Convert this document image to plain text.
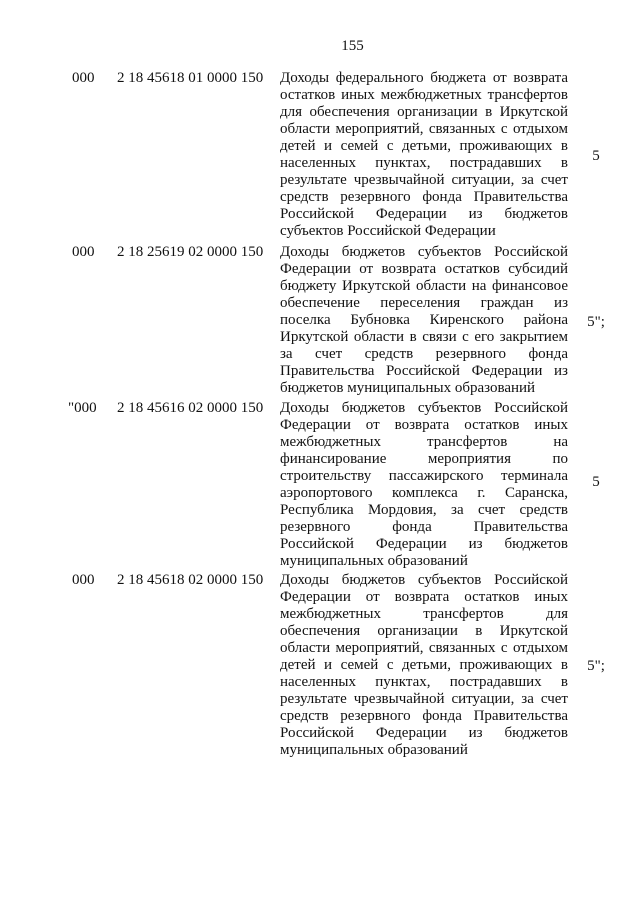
155
000 2 18 45618 01 0000 150 Доходы федерального бюджета от возврата остатков иных межбюджетных трансфертов для обеспечения организации в Иркутской области мероприятий, связанных с отдыхом детей и семей с детьми, проживающих в населенных пунктах, пострадавших в результате чрезвычайной ситуации, за счет средств резервного фонда Правительства Российской Федерации из бюджетов субъектов Российской Федерации
5
000 2 18 25619 02 0000 150 Доходы бюджетов субъектов Российской Федерации от возврата остатков субсидий бюджету Иркутской области на финансовое обеспечение переселения граждан из поселка Бубновка Киренского района Иркутской области в связи с его закрытием за счет средств резервного фонда Правительства Российской Федерации из бюджетов муниципальных образований
5";
"000 2 18 45616 02 0000 150 Доходы бюджетов субъектов Российской Федерации от возврата остатков иных межбюджетных трансфертов на финансирование мероприятия по строительству пассажирского терминала аэропортового комплекса г. Саранска, Республика Мордовия, за счет средств резервного фонда Правительства Российской Федерации из бюджетов муниципальных образований
5
000 2 18 45618 02 0000 150 Доходы бюджетов субъектов Российской Федерации от возврата остатков иных межбюджетных трансфертов для обеспечения организации в Иркутской области мероприятий, связанных с отдыхом детей и семей с детьми, проживающих в населенных пунктах, пострадавших в результате чрезвычайной ситуации, за счет средств резервного фонда Правительства Российской Федерации из бюджетов муниципальных образований
5";
